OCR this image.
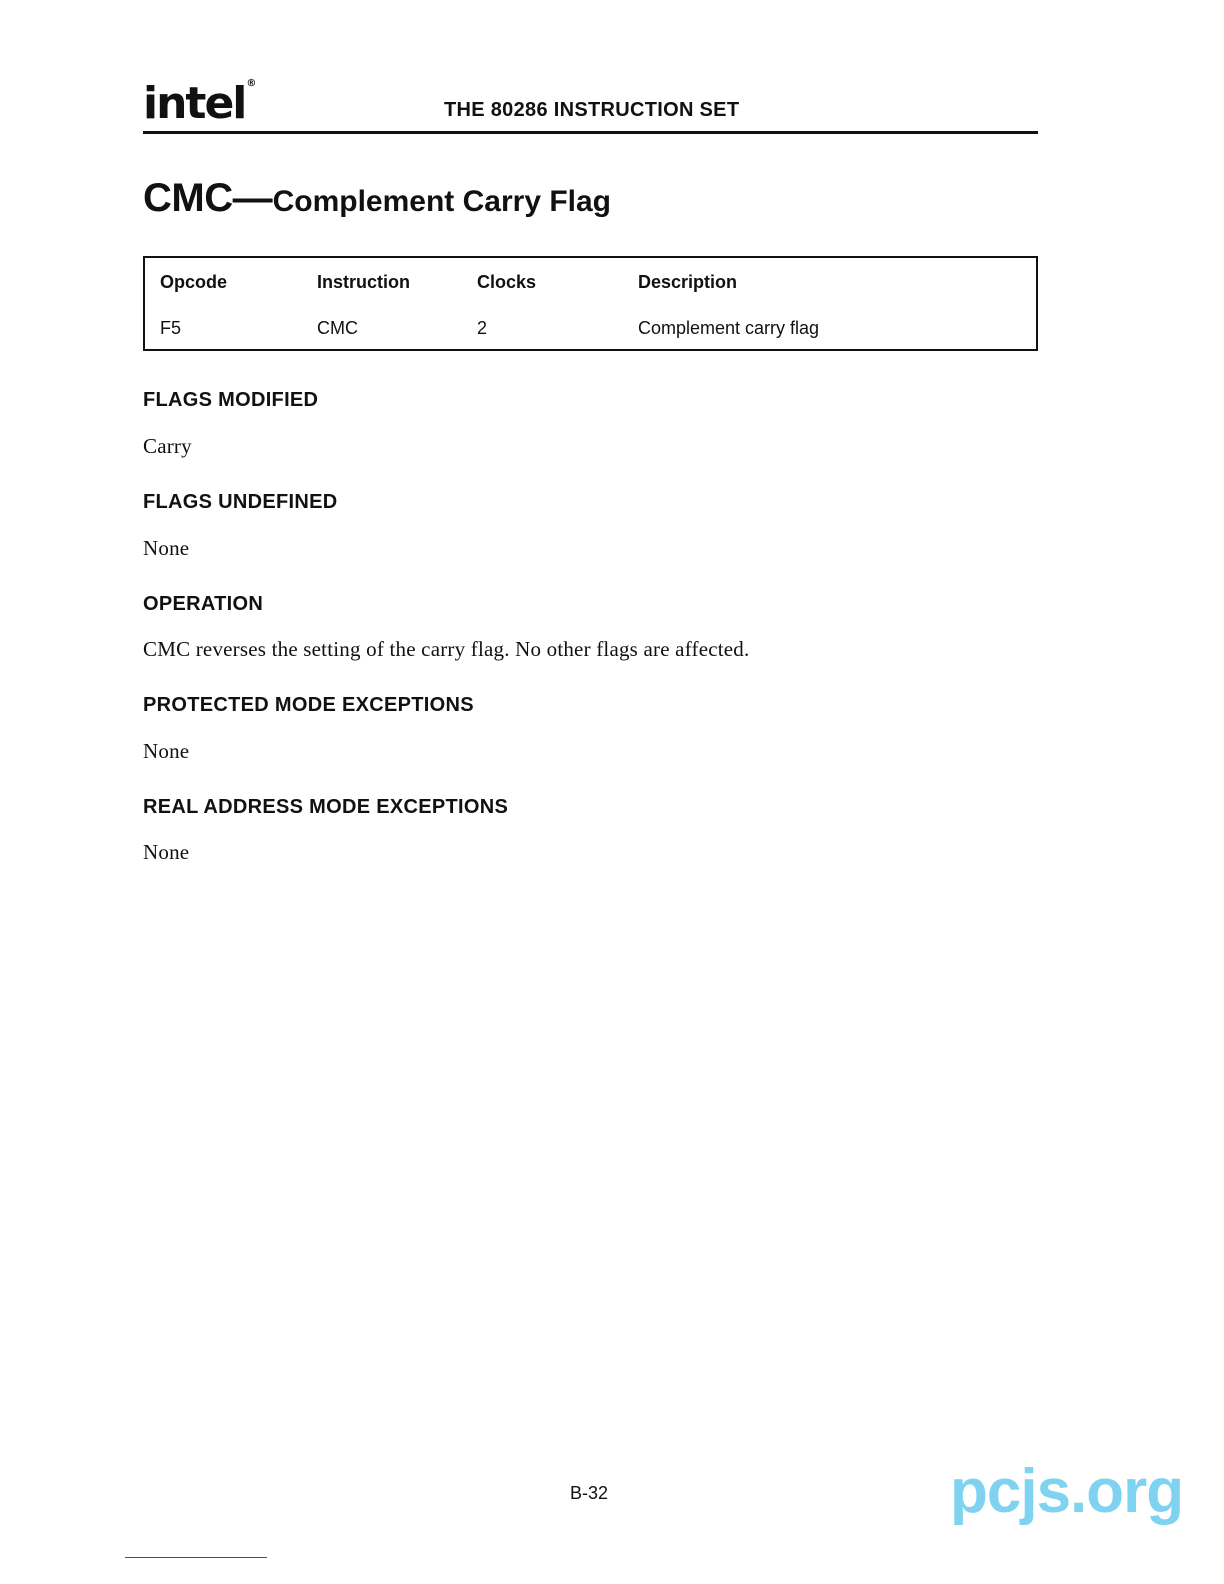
intel®
THE 80286 INSTRUCTION SET
CMC—Complement Carry Flag
Opcode	Instruction	Clocks	Description
F5	CMC	2	Complement carry flag
FLAGS MODIFIED
Carry
FLAGS UNDEFINED
None
OPERATION
CMC reverses the setting of the carry flag. No other flags are affected.
PROTECTED MODE EXCEPTIONS
None
REAL ADDRESS MODE EXCEPTIONS
None
B-32	pcjs.org
